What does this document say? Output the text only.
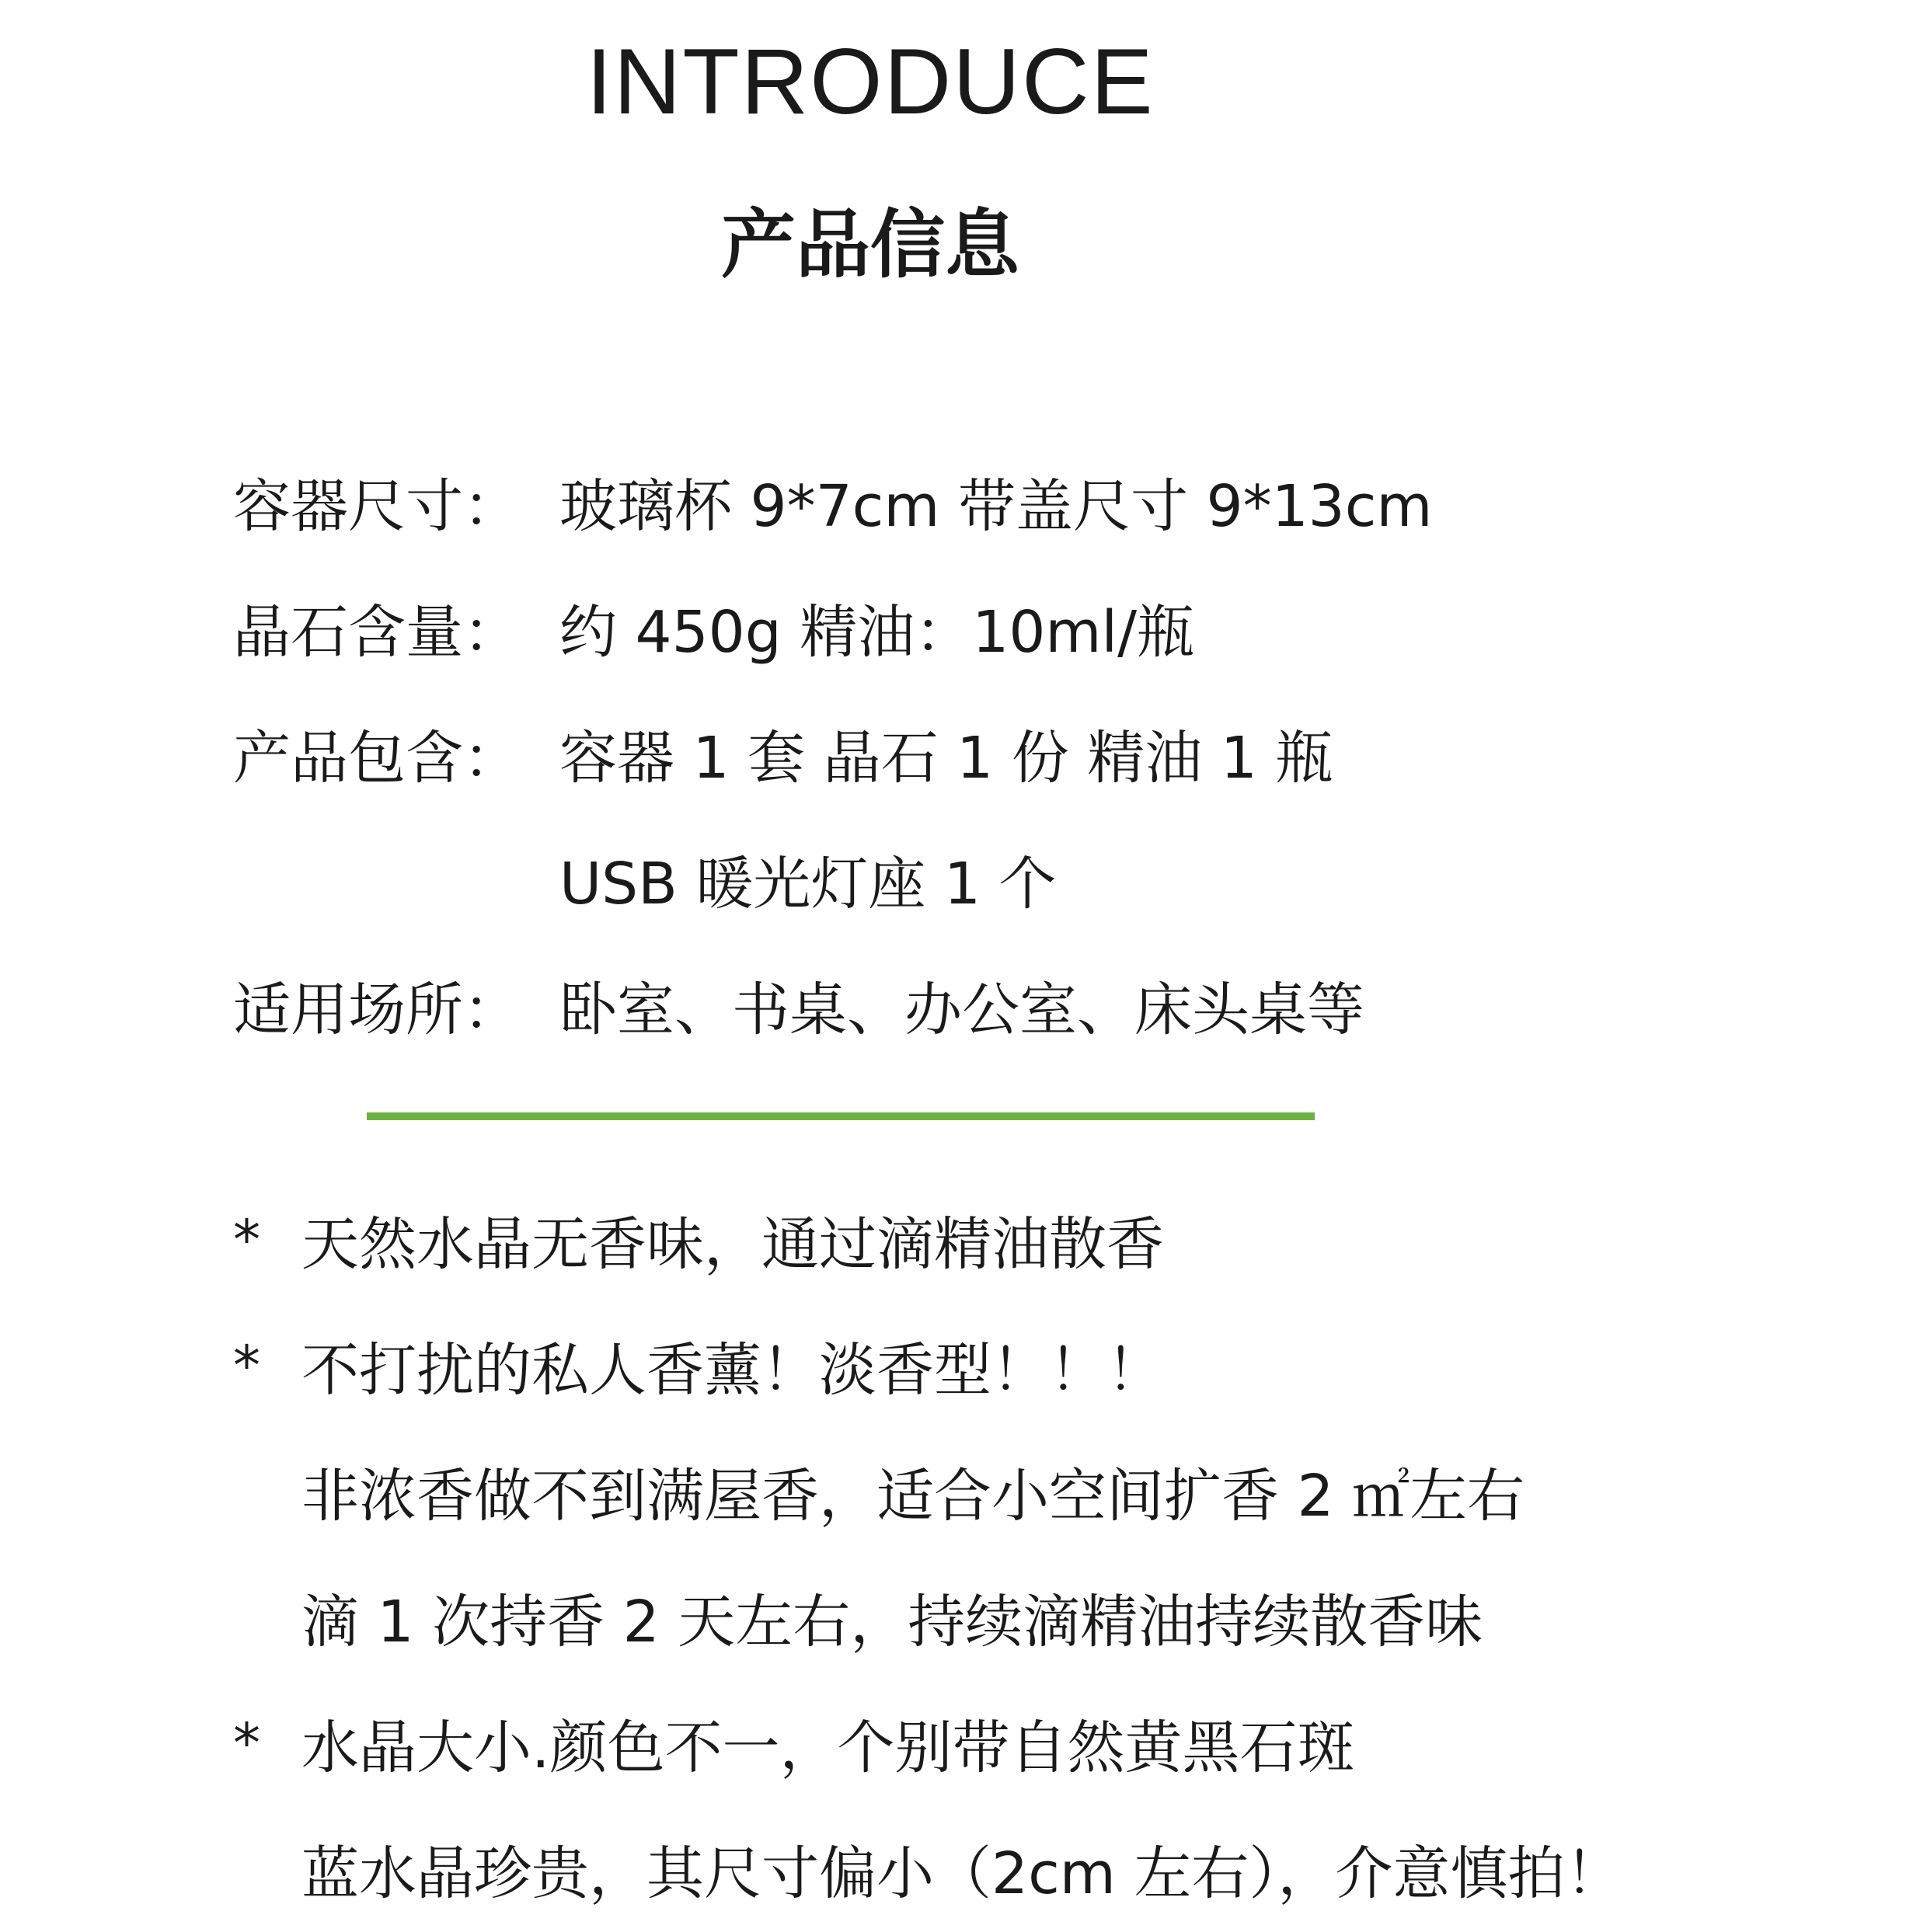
INTRODUCE
产品信息
容器尺寸： 玻璃杯 9*7cm 带盖尺寸 9*13cm
晶石含量： 约 450g 精油：10ml/瓶
产品包含： 容器 1 套 晶石 1 份 精油 1 瓶
USB 暖光灯座 1 个
适用场所： 卧室、书桌、办公室、床头桌等
* 天然水晶无香味，通过滴精油散香
* 不打扰的私人香薰！淡香型！！！
非浓香做不到满屋香，适合小空间扩香 2 ㎡左右
滴 1 次持香 2 天左右，持续滴精油持续散香味
* 水晶大小.颜色不一，个别带自然黄黑石斑
蓝水晶珍贵，其尺寸偏小（2cm 左右），介意慎拍！
